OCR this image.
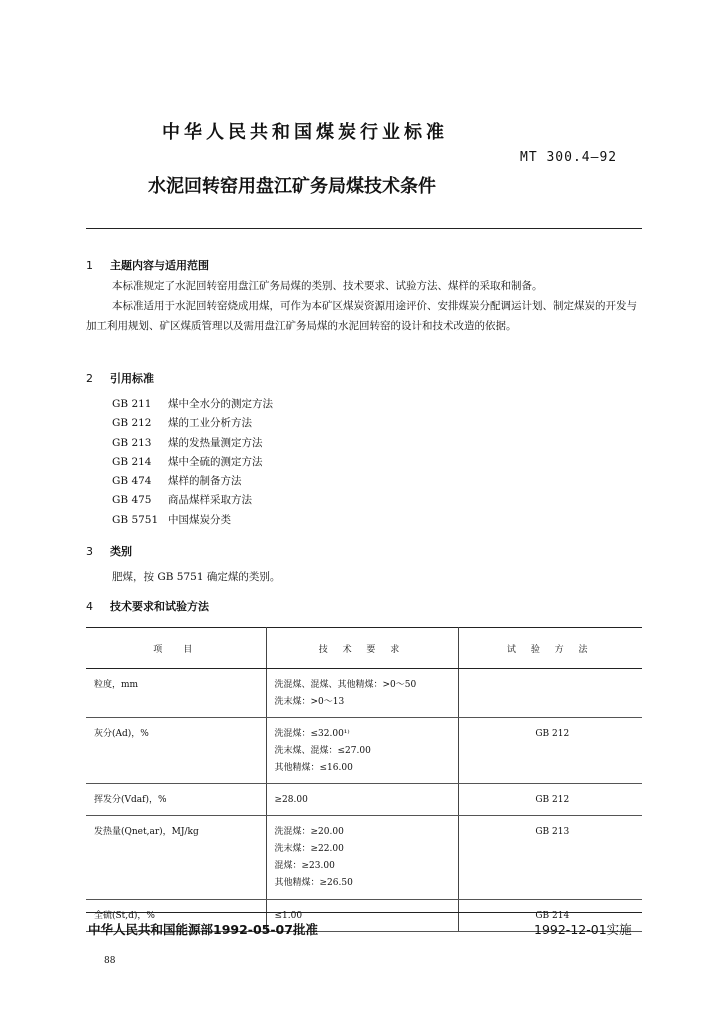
中华人民共和国煤炭行业标准
MT 300.4—92
水泥回转窑用盘江矿务局煤技术条件
1 主题内容与适用范围
本标准规定了水泥回转窑用盘江矿务局煤的类别、技术要求、试验方法、煤样的采取和制备。
本标准适用于水泥回转窑烧成用煤，可作为本矿区煤炭资源用途评价、安排煤炭分配调运计划、制定煤炭的开发与加工利用规划、矿区煤质管理以及需用盘江矿务局煤的水泥回转窑的设计和技术改造的依据。
2 引用标准
GB 211 煤中全水分的测定方法
GB 212 煤的工业分析方法
GB 213 煤的发热量测定方法
GB 214 煤中全硫的测定方法
GB 474 煤样的制备方法
GB 475 商品煤样采取方法
GB 5751 中国煤炭分类
3 类别
肥煤，按 GB 5751 确定煤的类别。
4 技术要求和试验方法
项　目	技 术 要 求	试 验 方 法
粒度，mm	洗混煤、混煤、其他精煤：>0～50
洗末煤：>0～13	

灰分(Ad)，%	洗混煤：≤32.00¹⁾
洗末煤、混煤：≤27.00
其他精煤：≤16.00	GB 212
挥发分(Vdaf)，%	≥28.00	GB 212
发热量(Qnet,ar)，MJ/kg	洗混煤：≥20.00
洗末煤：≥22.00
混煤：≥23.00
其他精煤：≥26.50	GB 213
全硫(St,d)，%	≤1.00	GB 214
中华人民共和国能源部1992-05-07批准	1992-12-01实施
88
